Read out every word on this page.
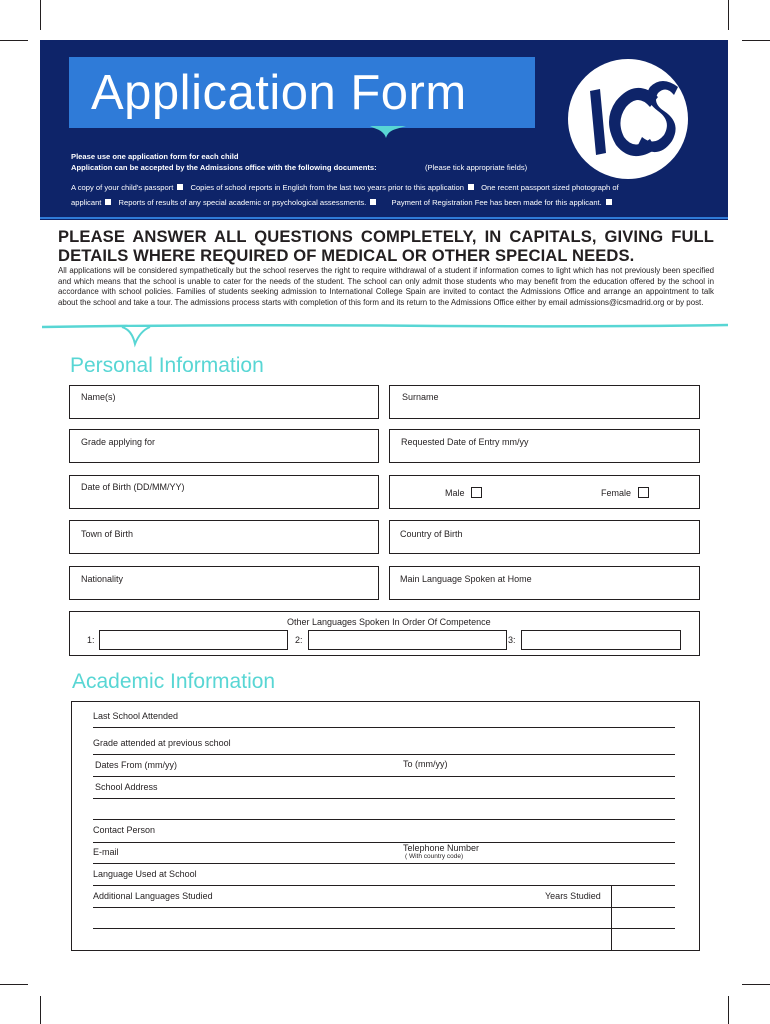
Application Form
Please use one application form for each child
Application can be accepted by the Admissions office with the following documents:	(Please tick appropriate fields)
A copy of your child's passport Copies of school reports in English from the last two years prior to this application One recent passport sized photograph of
applicant Reports of results of any special academic or psychological assessments.	Payment of Registration Fee has been made for this applicant.
PLEASE ANSWER ALL QUESTIONS COMPLETELY, IN CAPITALS, GIVING FULL DETAILS WHERE REQUIRED OF MEDICAL OR OTHER SPECIAL NEEDS.
All applications will be considered sympathetically but the school reserves the right to require withdrawal of a student if information comes to light which has not previously been specified and which means that the school is unable to cater for the needs of the student. The school can only admit those students who may benefit from the education offered by the school in accordance with school policies. Families of students seeking admission to International College Spain are invited to contact the Admissions Office and arrange an appointment to talk about the school and take a tour. The admissions process starts with completion of this form and its return to the Admissions Office either by email admissions@icsmadrid.org or by post.
Personal Information
Name(s)	Surname
Grade applying for	Requested Date of Entry mm/yy
Date of Birth (DD/MM/YY)
Male	Female
Town of Birth	Country of Birth
Nationality	Main Language Spoken at Home
Other Languages Spoken In Order Of Competence
1:	2:	3:
Academic Information
Last School Attended
Grade attended at previous school
Dates From (mm/yy)	To (mm/yy)
School Address
Contact Person
E-mail	Telephone Number
( With country code)
Language Used at School
Additional Languages Studied	Years Studied
